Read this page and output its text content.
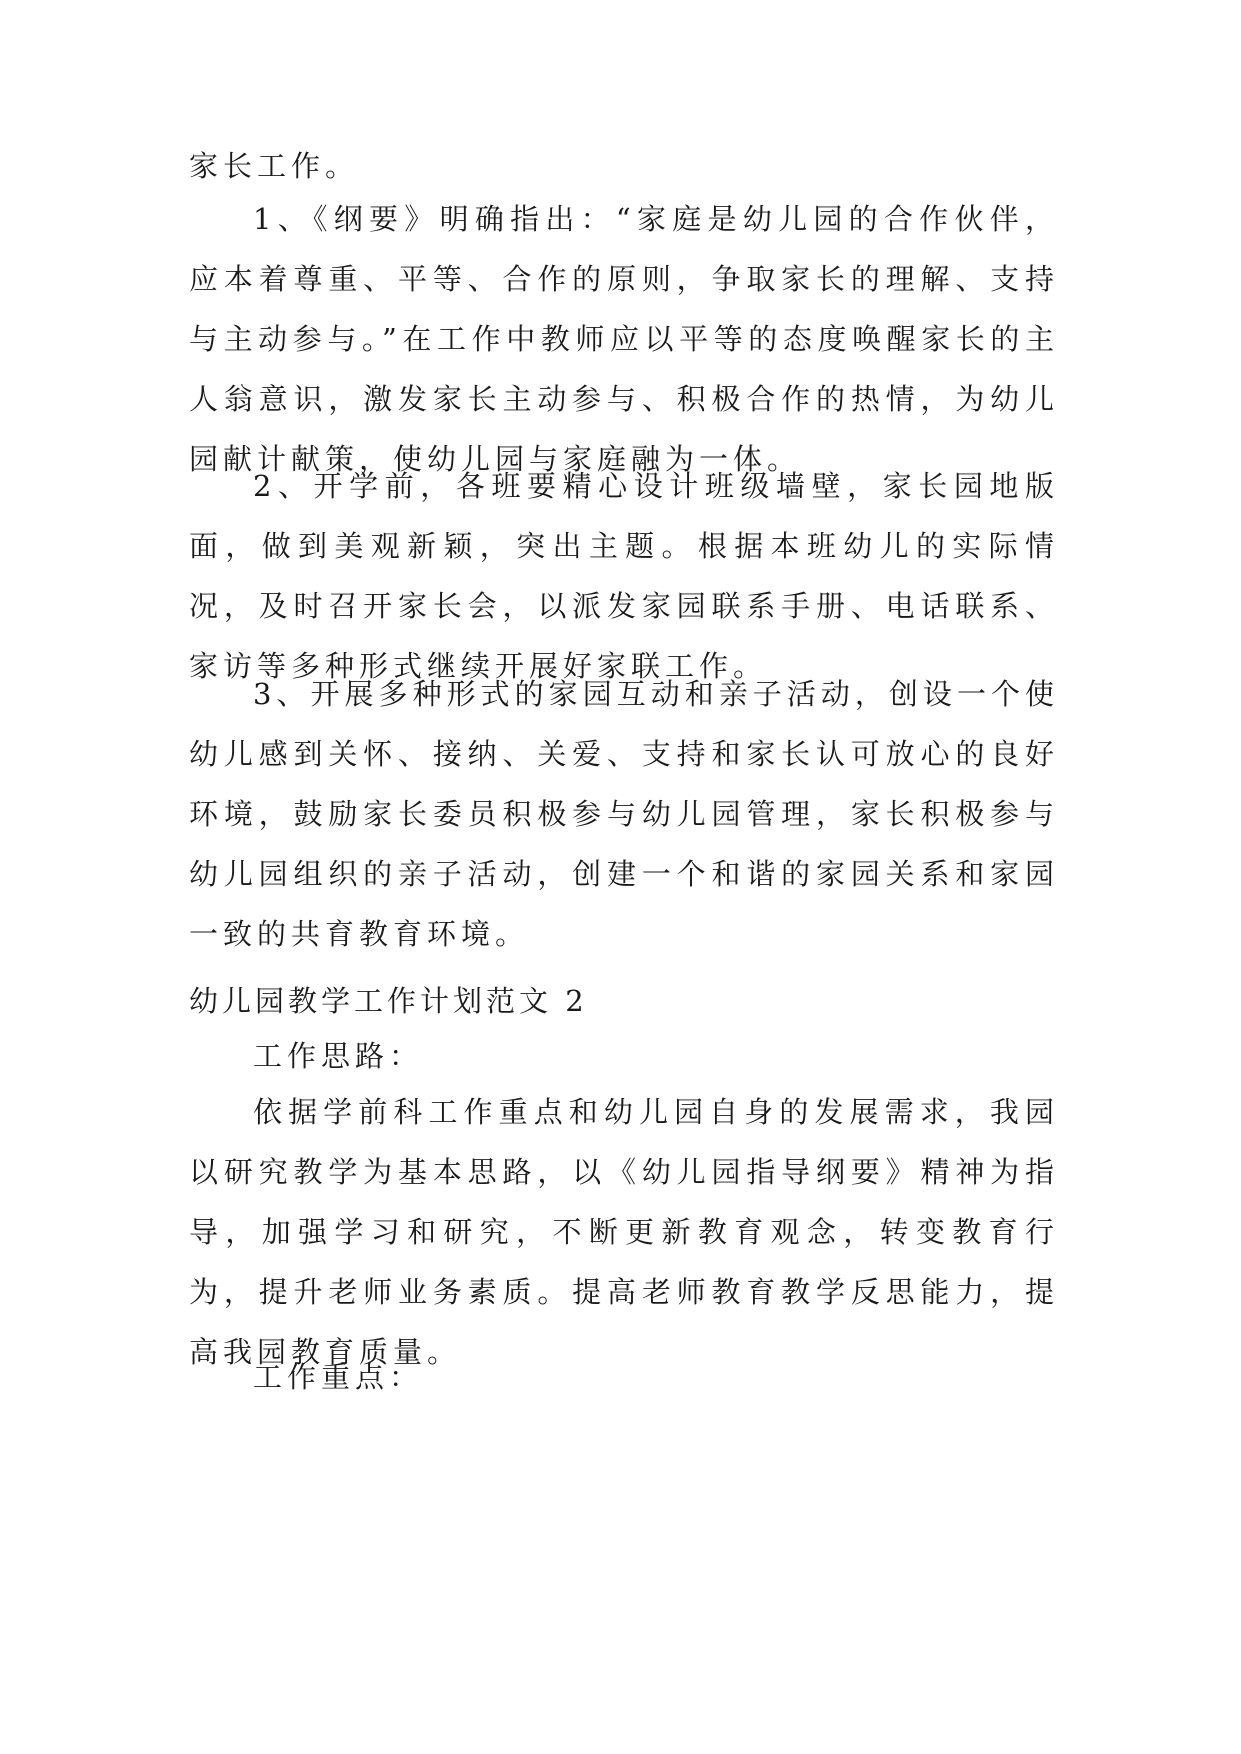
家长工作。

1、《纲要》明确指出：“家庭是幼儿园的合作伙伴，应本着尊重、平等、合作的原则，争取家长的理解、支持与主动参与。”在工作中教师应以平等的态度唤醒家长的主人翁意识，激发家长主动参与、积极合作的热情，为幼儿园献计献策，使幼儿园与家庭融为一体。

2、开学前，各班要精心设计班级墙壁，家长园地版面，做到美观新颖，突出主题。根据本班幼儿的实际情况，及时召开家长会，以派发家园联系手册、电话联系、家访等多种形式继续开展好家联工作。

3、开展多种形式的家园互动和亲子活动，创设一个使幼儿感到关怀、接纳、关爱、支持和家长认可放心的良好环境，鼓励家长委员积极参与幼儿园管理，家长积极参与幼儿园组织的亲子活动，创建一个和谐的家园关系和家园一致的共育教育环境。

幼儿园教学工作计划范文 2

工作思路：

依据学前科工作重点和幼儿园自身的发展需求，我园以研究教学为基本思路，以《幼儿园指导纲要》精神为指导，加强学习和研究，不断更新教育观念，转变教育行为，提升老师业务素质。提高老师教育教学反思能力，提高我园教育质量。

工作重点：
